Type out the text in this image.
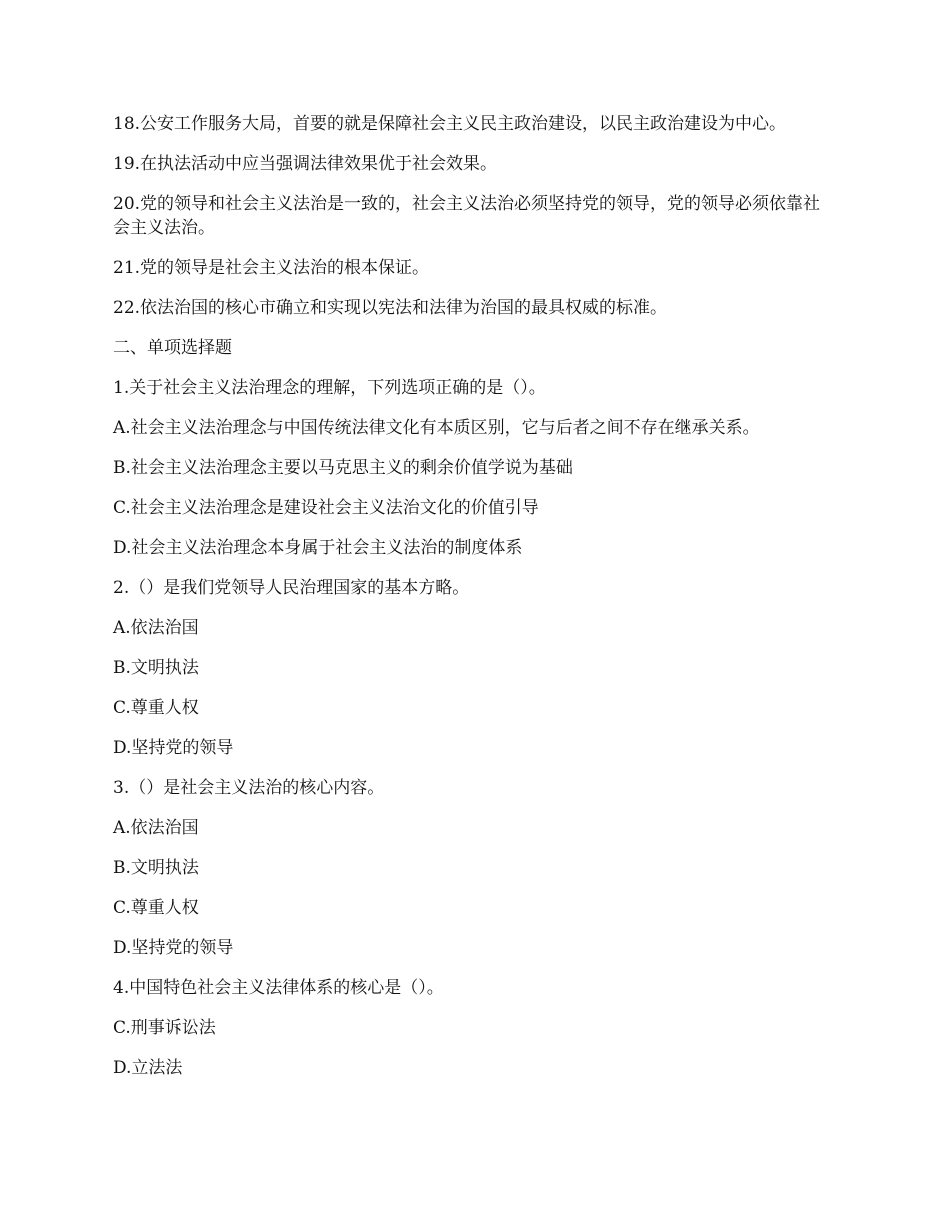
18.公安工作服务大局，首要的就是保障社会主义民主政治建设，以民主政治建设为中心。

19.在执法活动中应当强调法律效果优于社会效果。

20.党的领导和社会主义法治是一致的，社会主义法治必须坚持党的领导，党的领导必须依靠社会主义法治。

21.党的领导是社会主义法治的根本保证。

22.依法治国的核心市确立和实现以宪法和法律为治国的最具权威的标准。

二、单项选择题

1.关于社会主义法治理念的理解，下列选项正确的是（）。

A.社会主义法治理念与中国传统法律文化有本质区别，它与后者之间不存在继承关系。

B.社会主义法治理念主要以马克思主义的剩余价值学说为基础

C.社会主义法治理念是建设社会主义法治文化的价值引导

D.社会主义法治理念本身属于社会主义法治的制度体系

2.（）是我们党领导人民治理国家的基本方略。

A.依法治国

B.文明执法

C.尊重人权

D.坚持党的领导

3.（）是社会主义法治的核心内容。

A.依法治国

B.文明执法

C.尊重人权

D.坚持党的领导

4.中国特色社会主义法律体系的核心是（）。

C.刑事诉讼法

D.立法法
